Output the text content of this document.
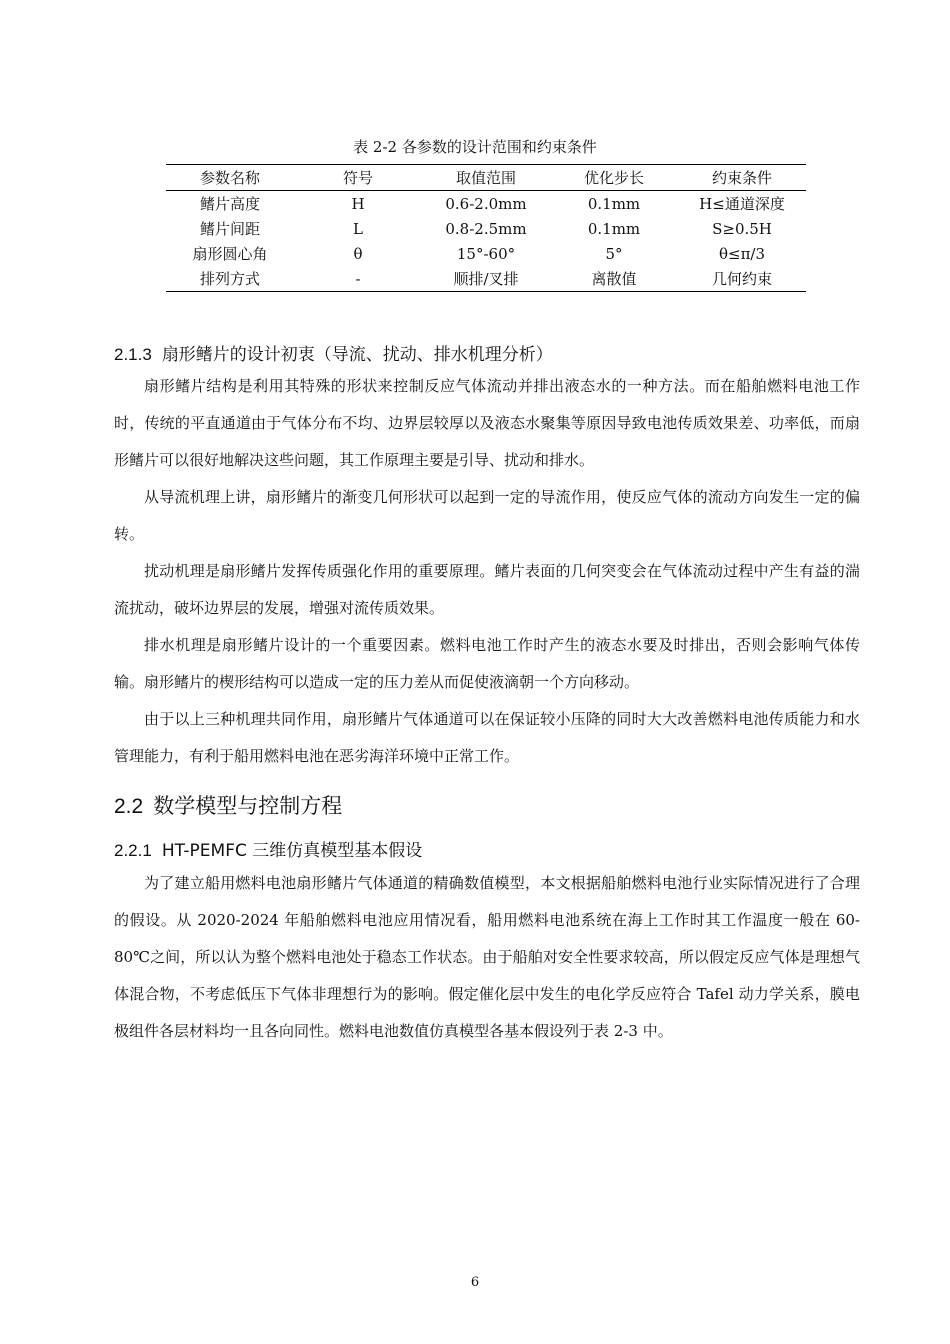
表 2-2 各参数的设计范围和约束条件
参数名称	符号	取值范围	优化步长	约束条件
鳍片高度	H	0.6-2.0mm	0.1mm	H≤通道深度
鳍片间距	L	0.8-2.5mm	0.1mm	S≥0.5H
扇形圆心角	θ	15°-60°	5°	θ≤π/3
排列方式	-	顺排/叉排	离散值	几何约束
2.1.3 扇形鳍片的设计初衷（导流、扰动、排水机理分析）

扇形鳍片结构是利用其特殊的形状来控制反应气体流动并排出液态水的一种方法。而在船舶燃料电池工作时，传统的平直通道由于气体分布不均、边界层较厚以及液态水聚集等原因导致电池传质效果差、功率低，而扇形鳍片可以很好地解决这些问题，其工作原理主要是引导、扰动和排水。

从导流机理上讲，扇形鳍片的渐变几何形状可以起到一定的导流作用，使反应气体的流动方向发生一定的偏转。

扰动机理是扇形鳍片发挥传质强化作用的重要原理。鳍片表面的几何突变会在气体流动过程中产生有益的湍流扰动，破坏边界层的发展，增强对流传质效果。

排水机理是扇形鳍片设计的一个重要因素。燃料电池工作时产生的液态水要及时排出，否则会影响气体传输。扇形鳍片的楔形结构可以造成一定的压力差从而促使液滴朝一个方向移动。

由于以上三种机理共同作用，扇形鳍片气体通道可以在保证较小压降的同时大大改善燃料电池传质能力和水管理能力，有利于船用燃料电池在恶劣海洋环境中正常工作。

2.2 数学模型与控制方程
2.2.1 HT-PEMFC 三维仿真模型基本假设

为了建立船用燃料电池扇形鳍片气体通道的精确数值模型，本文根据船舶燃料电池行业实际情况进行了合理的假设。从 2020-2024 年船舶燃料电池应用情况看，船用燃料电池系统在海上工作时其工作温度一般在 60-80℃之间，所以认为整个燃料电池处于稳态工作状态。由于船舶对安全性要求较高，所以假定反应气体是理想气体混合物，不考虑低压下气体非理想行为的影响。假定催化层中发生的电化学反应符合 Tafel 动力学关系，膜电极组件各层材料均一且各向同性。燃料电池数值仿真模型各基本假设列于表 2-3 中。

6
